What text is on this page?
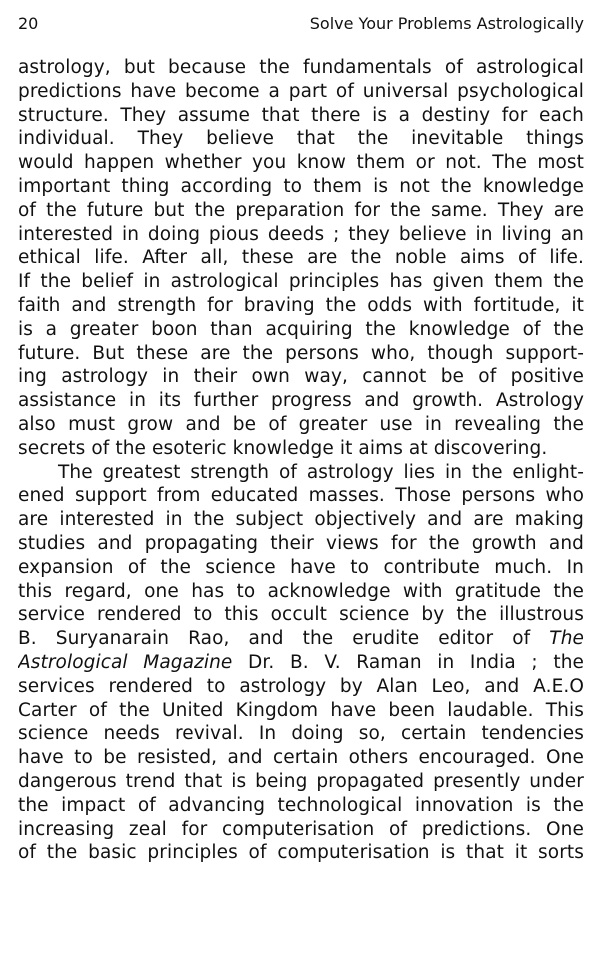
20	Solve Your Problems Astrologically
astrology, but because the fundamentals of astrological
predictions have become a part of universal psychological
structure. They assume that there is a destiny for each
individual. They believe that the inevitable things
would happen whether you know them or not. The most
important thing according to them is not the knowledge
of the future but the preparation for the same. They are
interested in doing pious deeds ; they believe in living an
ethical life. After all, these are the noble aims of life.
If the belief in astrological principles has given them the
faith and strength for braving the odds with fortitude, it
is a greater boon than acquiring the knowledge of the
future. But these are the persons who, though support-
ing astrology in their own way, cannot be of positive
assistance in its further progress and growth. Astrology
also must grow and be of greater use in revealing the
secrets of the esoteric knowledge it aims at discovering.
The greatest strength of astrology lies in the enlight-
ened support from educated masses. Those persons who
are interested in the subject objectively and are making
studies and propagating their views for the growth and
expansion of the science have to contribute much. In
this regard, one has to acknowledge with gratitude the
service rendered to this occult science by the illustrous
B. Suryanarain Rao, and the erudite editor of The
Astrological Magazine Dr. B. V. Raman in India ; the
services rendered to astrology by Alan Leo, and A.E.O
Carter of the United Kingdom have been laudable. This
science needs revival. In doing so, certain tendencies
have to be resisted, and certain others encouraged. One
dangerous trend that is being propagated presently under
the impact of advancing technological innovation is the
increasing zeal for computerisation of predictions. One
of the basic principles of computerisation is that it sorts
